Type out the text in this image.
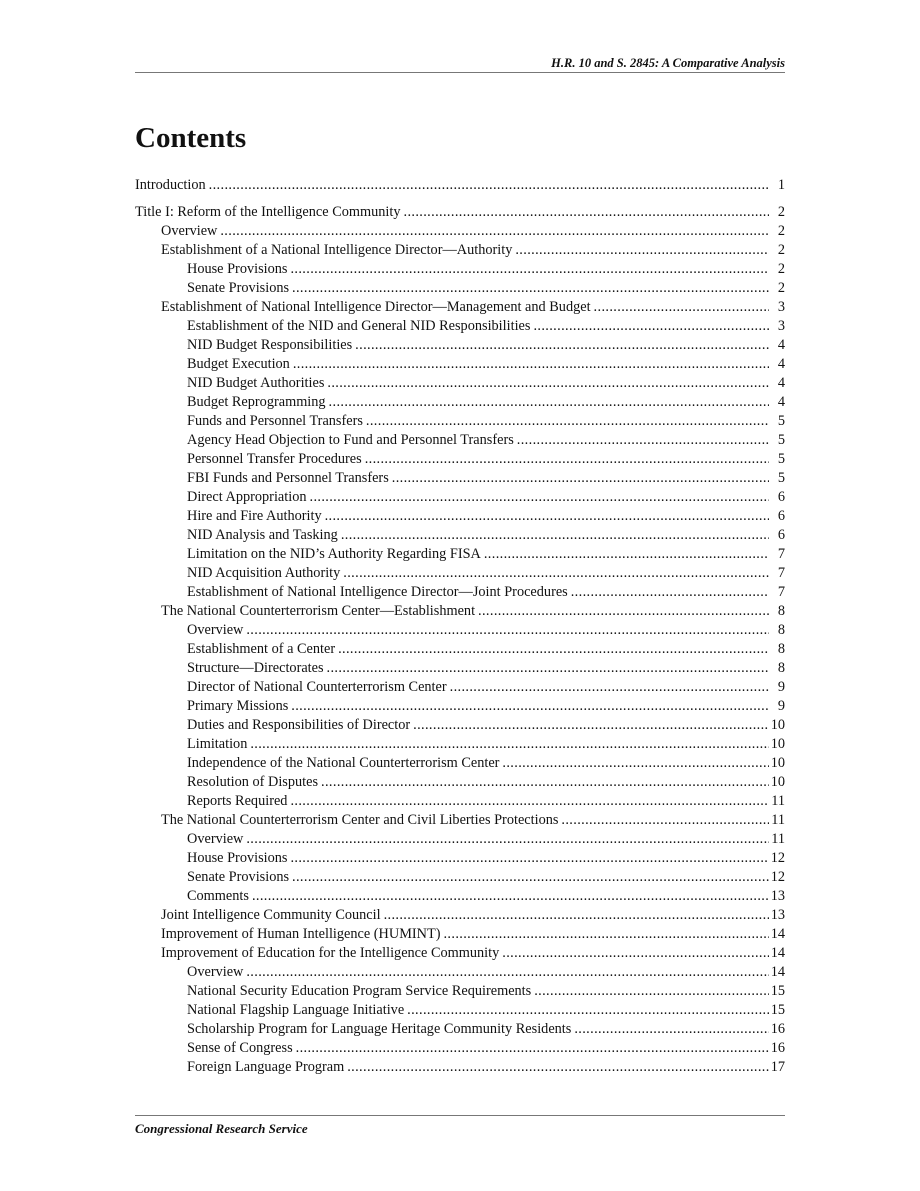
H.R. 10 and S. 2845: A Comparative Analysis
Contents
Introduction . . .	1
Title I: Reform of the Intelligence Community . . .	2
Overview . . .	2
Establishment of a National Intelligence Director—Authority . . .	2
House Provisions . . .	2
Senate Provisions . . .	2
Establishment of National Intelligence Director—Management and Budget . . .	3
Establishment of the NID and General NID Responsibilities . . .	3
NID Budget Responsibilities . . .	4
Budget Execution . . .	4
NID Budget Authorities . . .	4
Budget Reprogramming . . .	4
Funds and Personnel Transfers . . .	5
Agency Head Objection to Fund and Personnel Transfers . . .	5
Personnel Transfer Procedures . . .	5
FBI Funds and Personnel Transfers . . .	5
Direct Appropriation . . .	6
Hire and Fire Authority . . .	6
NID Analysis and Tasking . . .	6
Limitation on the NID’s Authority Regarding FISA . . .	7
NID Acquisition Authority . . .	7
Establishment of National Intelligence Director—Joint Procedures . . .	7
The National Counterterrorism Center—Establishment . . .	8
Overview . . .	8
Establishment of a Center . . .	8
Structure—Directorates . . .	8
Director of National Counterterrorism Center . . .	9
Primary Missions . . .	9
Duties and Responsibilities of Director . . .	10
Limitation . . .	10
Independence of the National Counterterrorism Center . . .	10
Resolution of Disputes . . .	10
Reports Required . . .	11
The National Counterterrorism Center and Civil Liberties Protections . . .	11
Overview . . .	11
House Provisions . . .	12
Senate Provisions . . .	12
Comments . . .	13
Joint Intelligence Community Council . . .	13
Improvement of Human Intelligence (HUMINT) . . .	14
Improvement of Education for the Intelligence Community . . .	14
Overview . . .	14
National Security Education Program Service Requirements . . .	15
National Flagship Language Initiative . . .	15
Scholarship Program for Language Heritage Community Residents . . .	16
Sense of Congress . . .	16
Foreign Language Program . . .	17
Congressional Research Service
